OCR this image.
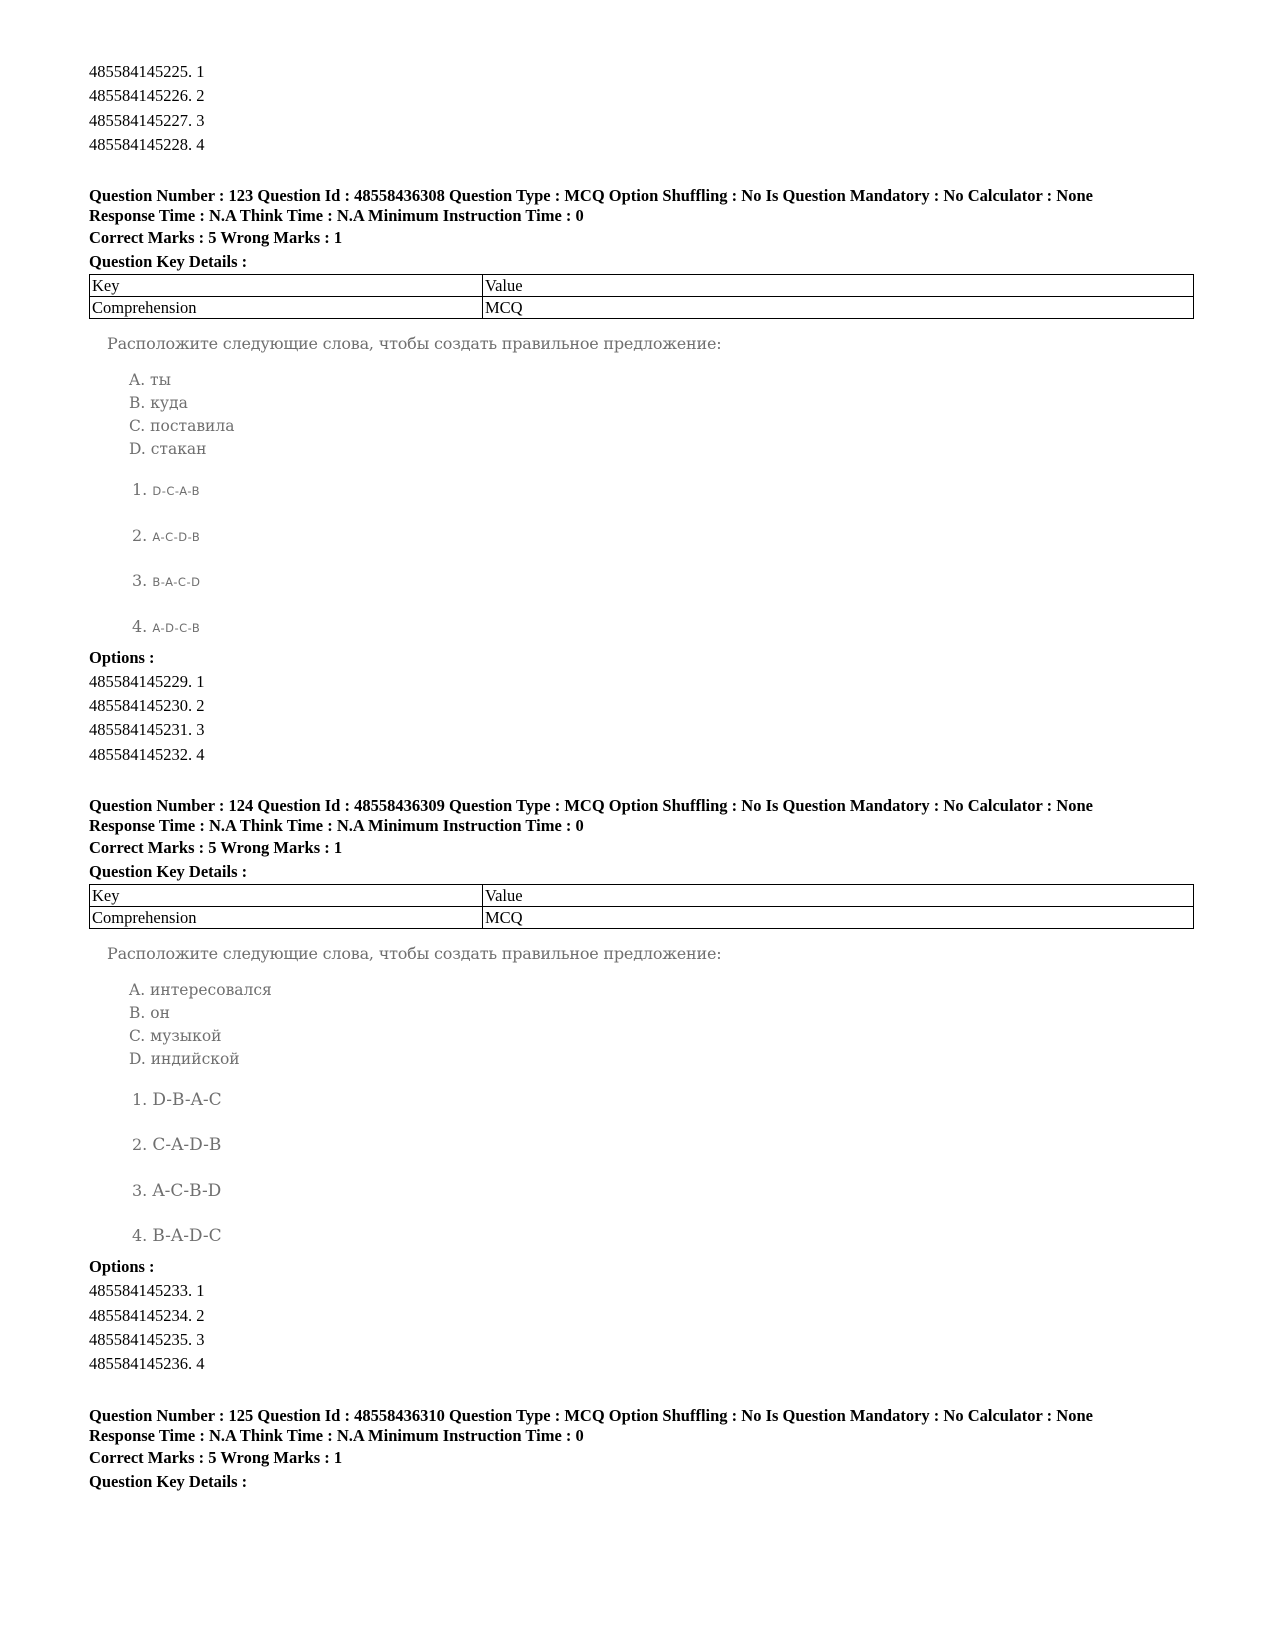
485584145225. 1
485584145226. 2
485584145227. 3
485584145228. 4
Question Number : 123 Question Id : 48558436308 Question Type : MCQ Option Shuffling : No Is Question Mandatory : No Calculator : None
Response Time : N.A Think Time : N.A Minimum Instruction Time : 0
Correct Marks : 5 Wrong Marks : 1
Question Key Details :
Key	Value
Comprehension	MCQ
Расположите следующие слова, чтобы создать правильное предложение:
A. ты
B. куда
C. поставила
D. стакан
1. D-C-A-B
2. A-C-D-B
3. B-A-C-D
4. A-D-C-B
Options :
485584145229. 1
485584145230. 2
485584145231. 3
485584145232. 4
Question Number : 124 Question Id : 48558436309 Question Type : MCQ Option Shuffling : No Is Question Mandatory : No Calculator : None
Response Time : N.A Think Time : N.A Minimum Instruction Time : 0
Correct Marks : 5 Wrong Marks : 1
Question Key Details :
Key	Value
Comprehension	MCQ
Расположите следующие слова, чтобы создать правильное предложение:
A. интересовался
B. он
C. музыкой
D. индийской
1. D-B-A-C
2. C-A-D-B
3. A-C-B-D
4. B-A-D-C
Options :
485584145233. 1
485584145234. 2
485584145235. 3
485584145236. 4
Question Number : 125 Question Id : 48558436310 Question Type : MCQ Option Shuffling : No Is Question Mandatory : No Calculator : None
Response Time : N.A Think Time : N.A Minimum Instruction Time : 0
Correct Marks : 5 Wrong Marks : 1
Question Key Details :
